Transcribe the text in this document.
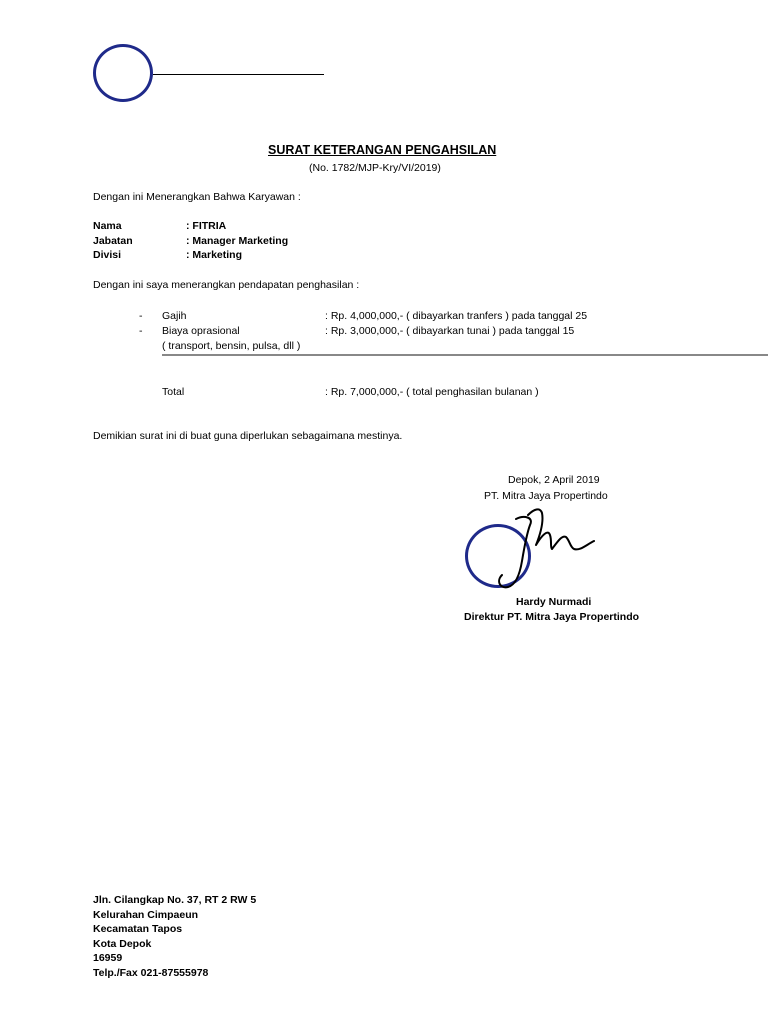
SURAT KETERANGAN PENGAHSILAN
(No. 1782/MJP-Kry/VI/2019)
Dengan ini Menerangkan Bahwa Karyawan :
Nama	: FITRIA
Jabatan	: Manager Marketing
Divisi	: Marketing
Dengan ini saya menerangkan pendapatan penghasilan :
- Gajih	: Rp. 4,000,000,- ( dibayarkan tranfers ) pada tanggal 25
- Biaya oprasional	: Rp. 3,000,000,- ( dibayarkan tunai ) pada tanggal 15
( transport, bensin, pulsa, dll )
Total	: Rp. 7,000,000,- ( total penghasilan bulanan )
Demikian surat ini di buat guna diperlukan sebagaimana mestinya.
Depok, 2 April 2019
PT. Mitra Jaya Propertindo
Hardy Nurmadi
Direktur PT. Mitra Jaya Propertindo
Jln. Cilangkap No. 37, RT 2 RW 5
Kelurahan Cimpaeun
Kecamatan Tapos
Kota Depok
16959
Telp./Fax 021-87555978
